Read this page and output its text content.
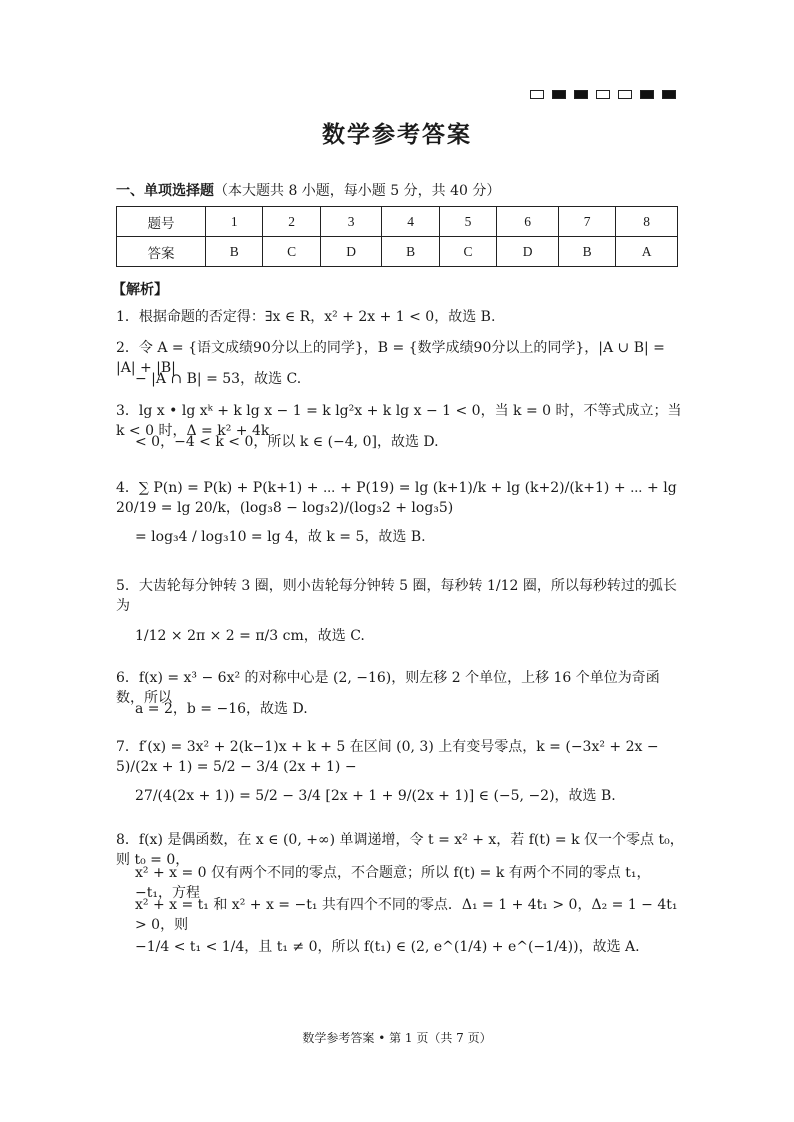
数学参考答案
一、单项选择题（本大题共 8 小题，每小题 5 分，共 40 分）
题号	1	2	3	4	5	6	7	8
答案	B	C	D	B	C	D	B	A
【解析】
1．根据命题的否定得：∃x ∈ R，x² + 2x + 1 < 0，故选 B.
2．令 A = {语文成绩90分以上的同学}，B = {数学成绩90分以上的同学}，|A ∪ B| = |A| + |B|
− |A ∩ B| = 53，故选 C.
3．lg x • lg xᵏ + k lg x − 1 = k lg²x + k lg x − 1 < 0，当 k = 0 时，不等式成立；当 k < 0 时，Δ = k² + 4k
< 0，−4 < k < 0，所以 k ∈ (−4, 0]，故选 D.
4．∑ P(n) = P(k) + P(k+1) + ⋯ + P(19) = lg (k+1)/k + lg (k+2)/(k+1) + ⋯ + lg 20/19 = lg 20/k，(log₃8 − log₃2)/(log₃2 + log₃5)
= log₃4 / log₃10 = lg 4，故 k = 5，故选 B.
5．大齿轮每分钟转 3 圈，则小齿轮每分钟转 5 圈，每秒转 1/12 圈，所以每秒转过的弧长为
1/12 × 2π × 2 = π/3 cm，故选 C.
6．f(x) = x³ − 6x² 的对称中心是 (2, −16)，则左移 2 个单位，上移 16 个单位为奇函数，所以
a = 2，b = −16，故选 D.
7．f′(x) = 3x² + 2(k−1)x + k + 5 在区间 (0, 3) 上有变号零点，k = (−3x² + 2x − 5)/(2x + 1) = 5/2 − 3/4 (2x + 1) −
27/(4(2x + 1)) = 5/2 − 3/4 [2x + 1 + 9/(2x + 1)] ∈ (−5, −2)，故选 B.
8．f(x) 是偶函数，在 x ∈ (0, +∞) 单调递增，令 t = x² + x，若 f(t) = k 仅一个零点 t₀，则 t₀ = 0，
x² + x = 0 仅有两个不同的零点，不合题意；所以 f(t) = k 有两个不同的零点 t₁，−t₁，方程
x² + x = t₁ 和 x² + x = −t₁ 共有四个不同的零点．Δ₁ = 1 + 4t₁ > 0，Δ₂ = 1 − 4t₁ > 0，则
−1/4 < t₁ < 1/4，且 t₁ ≠ 0，所以 f(t₁) ∈ (2, e^(1/4) + e^(−1/4))，故选 A.
数学参考答案 • 第 1 页（共 7 页）
